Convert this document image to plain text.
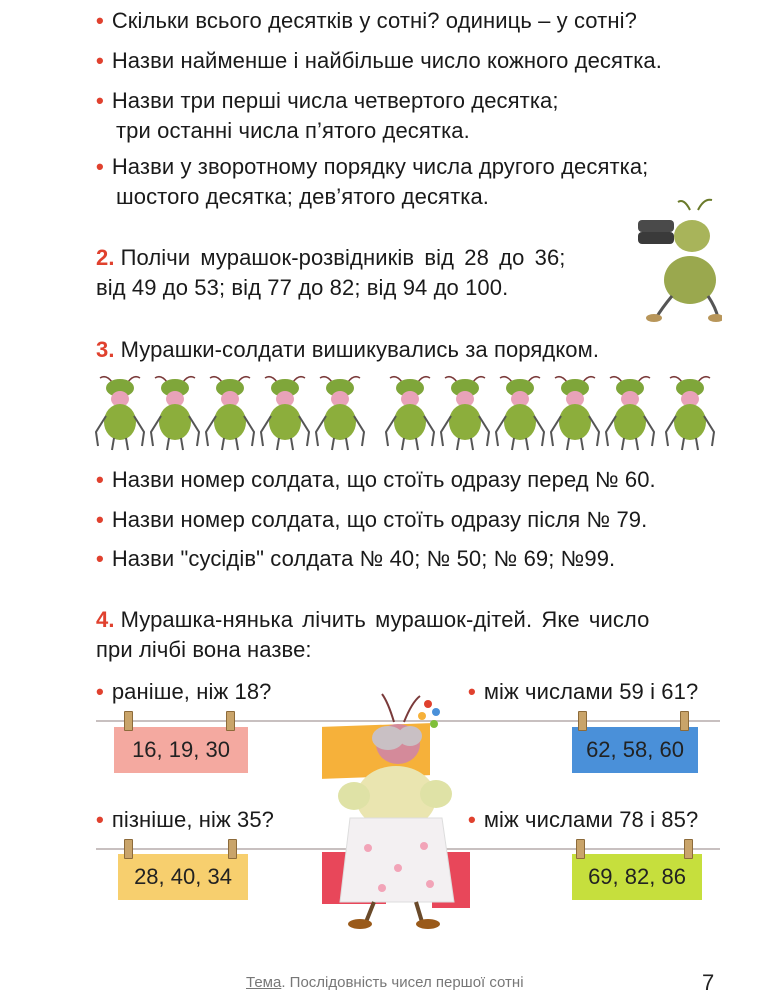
• Скільки всього десятків у сотні? одиниць – у сотні?
• Назви найменше і найбільше число кожного десятка.
• Назви три перші числа четвертого десятка;
три останні числа п’ятого десятка.
• Назви у зворотному порядку числа другого десятка;
шостого десятка; дев’ятого десятка.
2. Полічи мурашок-розвідників від 28 до 36;
від 49 до 53; від 77 до 82; від 94 до 100.
3. Мурашки-солдати вишикувались за порядком.
• Назви номер солдата, що стоїть одразу перед № 60.
• Назви номер солдата, що стоїть одразу після № 79.
• Назви "сусідів" солдата № 40; № 50; № 69; №99.
4. Мурашка-нянька лічить мурашок-дітей. Яке число
при лічбі вона назве:
• раніше, ніж 18?	• між числами 59 і 61?
• пізніше, ніж 35?	• між числами 78 і 85?
16, 19, 30	62, 58, 60
28, 40, 34	69, 82, 86
Тема. Послідовність чисел першої сотні	7
